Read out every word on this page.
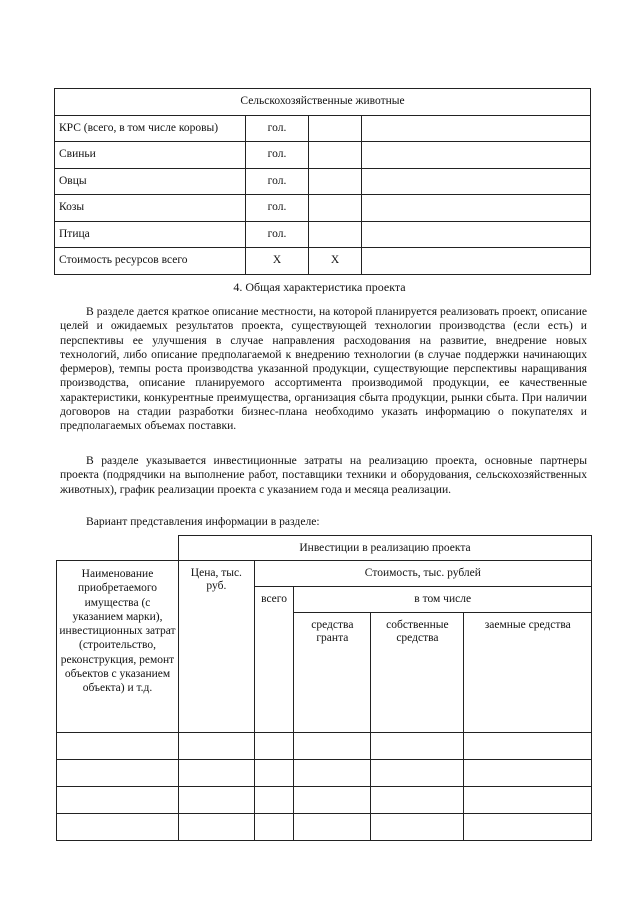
Сельскохозяйственные животные			
КРС (всего, в том числе коровы)	гол.		
Свиньи	гол.		
Овцы	гол.		
Козы	гол.		
Птица	гол.		
Стоимость ресурсов всего	Х	Х	
4. Общая характеристика проекта

В разделе дается краткое описание местности, на которой планируется реализовать проект, описание целей и ожидаемых результатов проекта, существующей технологии производства (если есть) и перспективы ее улучшения в случае направления расходования на развитие, внедрение новых технологий, либо описание предполагаемой к внедрению технологии (в случае поддержки начинающих фермеров), темпы роста производства указанной продукции, существующие перспективы наращивания производства, описание планируемого ассортимента производимой продукции, ее качественные характеристики, конкурентные преимущества, организация сбыта продукции, рынки сбыта. При наличии договоров на стадии разработки бизнес-плана необходимо указать информацию о покупателях и предполагаемых объемах поставки.

В разделе указывается инвестиционные затраты на реализацию проекта, основные партнеры проекта (подрядчики на выполнение работ, поставщики техники и оборудования, сельскохозяйственных животных), график реализации проекта с указанием года и месяца реализации.

Вариант представления информации в разделе:

	Инвестиции в реализацию проекта				
Наименование приобретаемого имущества (с указанием марки), инвестиционных затрат (строительство, реконструкция, ремонт объектов с указанием объекта) и т.д.	Цена, тыс. руб.	Стоимость, тыс. рублей			
		всего	в том числе		
			средства гранта	собственные средства	заемные средства
